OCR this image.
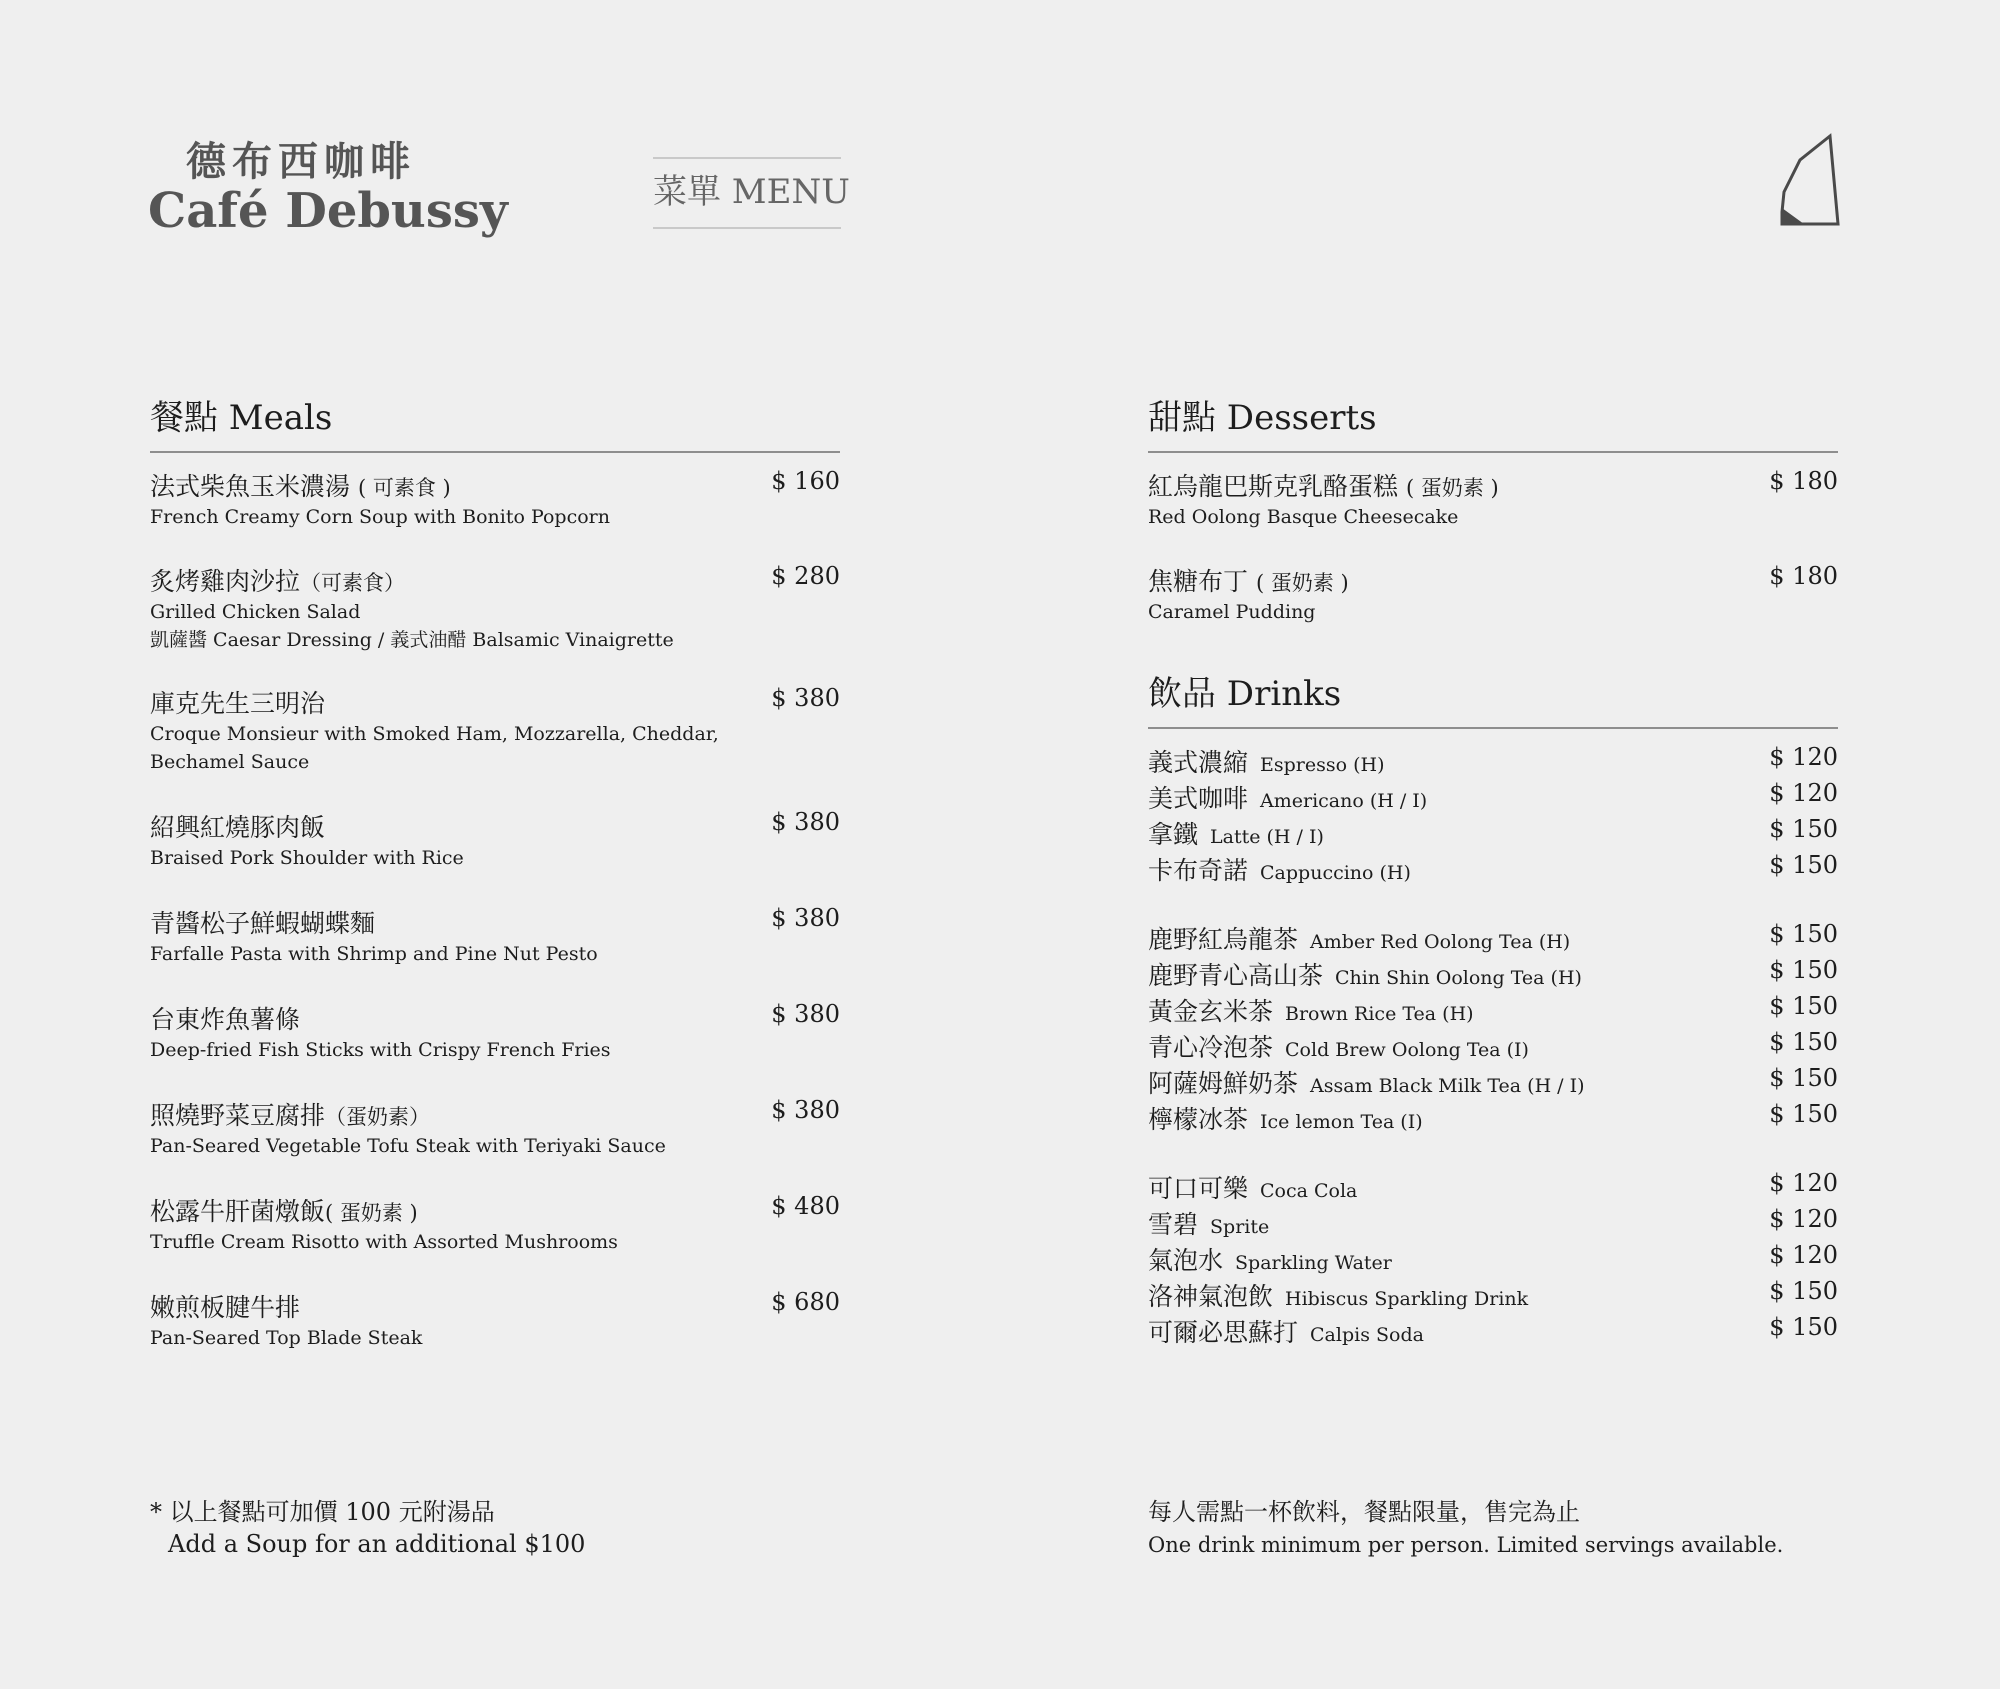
德布西咖啡
Café Debussy	菜單 MENU
餐點 Meals
法式柴魚玉米濃湯 ( 可素食 )	$ 160
French Creamy Corn Soup with Bonito Popcorn
炙烤雞肉沙拉（可素食）	$ 280
Grilled Chicken Salad
凱薩醬 Caesar Dressing / 義式油醋 Balsamic Vinaigrette
庫克先生三明治	$ 380
Croque Monsieur with Smoked Ham, Mozzarella, Cheddar,
Bechamel Sauce
紹興紅燒豚肉飯	$ 380
Braised Pork Shoulder with Rice
青醬松子鮮蝦蝴蝶麵	$ 380
Farfalle Pasta with Shrimp and Pine Nut Pesto
台東炸魚薯條	$ 380
Deep-fried Fish Sticks with Crispy French Fries
照燒野菜豆腐排（蛋奶素）	$ 380
Pan-Seared Vegetable Tofu Steak with Teriyaki Sauce
松露牛肝菌燉飯( 蛋奶素 )	$ 480
Truffle Cream Risotto with Assorted Mushrooms
嫩煎板腱牛排	$ 680
Pan-Seared Top Blade Steak
甜點 Desserts
紅烏龍巴斯克乳酪蛋糕 ( 蛋奶素 )	$ 180
Red Oolong Basque Cheesecake
焦糖布丁 ( 蛋奶素 )	$ 180
Caramel Pudding
飲品 Drinks
義式濃縮 Espresso (H)	$ 120
美式咖啡 Americano (H / I)	$ 120
拿鐵 Latte (H / I)	$ 150
卡布奇諾 Cappuccino (H)	$ 150
鹿野紅烏龍茶 Amber Red Oolong Tea (H)	$ 150
鹿野青心高山茶 Chin Shin Oolong Tea (H)	$ 150
黃金玄米茶 Brown Rice Tea (H)	$ 150
青心冷泡茶 Cold Brew Oolong Tea (I)	$ 150
阿薩姆鮮奶茶 Assam Black Milk Tea (H / I)	$ 150
檸檬冰茶 Ice lemon Tea (I)	$ 150
可口可樂 Coca Cola	$ 120
雪碧 Sprite	$ 120
氣泡水 Sparkling Water	$ 120
洛神氣泡飲 Hibiscus Sparkling Drink	$ 150
可爾必思蘇打 Calpis Soda	$ 150
* 以上餐點可加價 100 元附湯品
Add a Soup for an additional $100
每人需點一杯飲料，餐點限量，售完為止
One drink minimum per person. Limited servings available.
